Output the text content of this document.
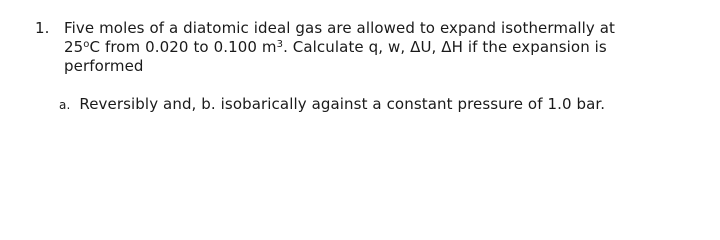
1. Five moles of a diatomic ideal gas are allowed to expand isothermally at
25$^o$C from 0.020 to 0.100 $m^3$. Calculate q, w, ΔU, ΔH if the expansion is
performed
a. Reversibly and, b. isobarically against a constant pressure of 1.0 bar.
